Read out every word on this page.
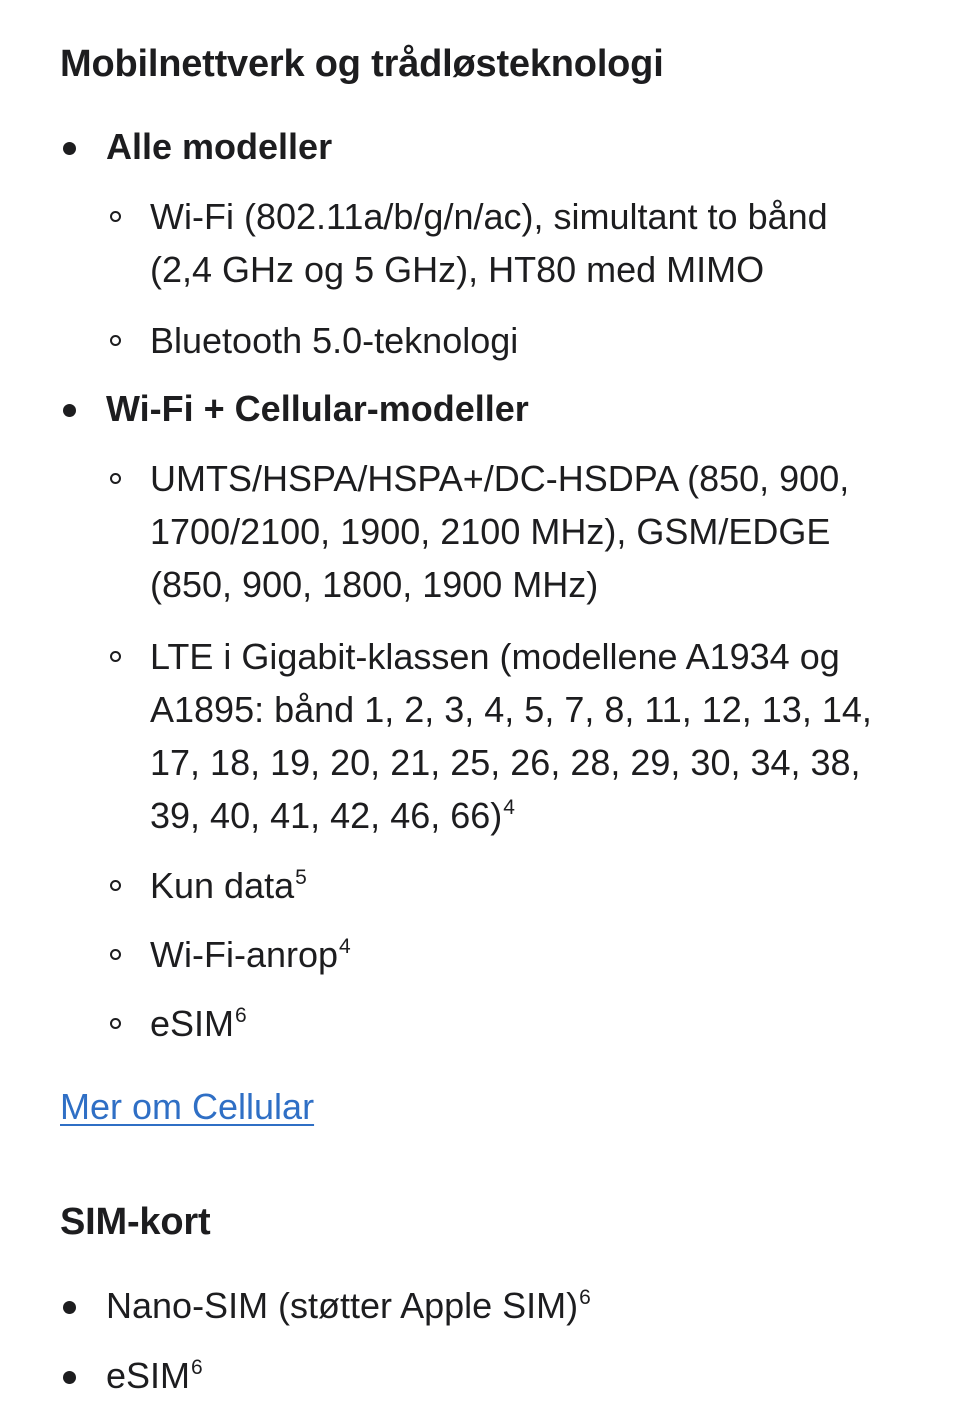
Mobilnettverk og trådløsteknologi
Alle modeller
Wi-Fi (802.11a/b/g/n/ac), simultant to bånd
(2,4 GHz og 5 GHz), HT80 med MIMO
Bluetooth 5.0-teknologi
Wi-Fi + Cellular-modeller
UMTS/HSPA/HSPA+/DC-HSDPA (850, 900,
1700/2100, 1900, 2100 MHz), GSM/EDGE
(850, 900, 1800, 1900 MHz)
LTE i Gigabit-klassen (modellene A1934 og
A1895: bånd 1, 2, 3, 4, 5, 7, 8, 11, 12, 13, 14,
17, 18, 19, 20, 21, 25, 26, 28, 29, 30, 34, 38,
39, 40, 41, 42, 46, 66)$^4$
Kun data$^5$
Wi-Fi-anrop$^4$
eSIM$^6$
Mer om Cellular
SIM-kort
Nano-SIM (støtter Apple SIM)$^6$
eSIM$^6$
